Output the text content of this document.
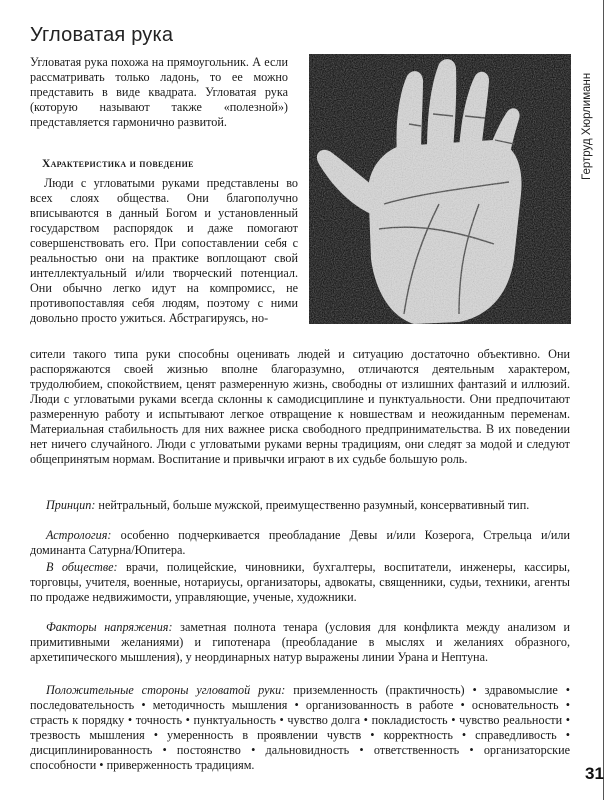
Угловатая рука

Угловатая рука похожа на прямоугольник. А если рассматривать только ладонь, то ее можно представить в виде квадрата. Угловатая рука (которую называют также «полезной») представляется гармонично развитой.

Характеристика и поведение

Люди с угловатыми руками представлены во всех слоях общества. Они благополучно вписываются в данный Богом и установленный государством распорядок и даже помогают совершенствовать его. При сопоставлении себя с реальностью они на практике воплощают свой интеллектуальный и/или творческий потенциал. Они обычно легко идут на компромисс, не противопоставляя себя людям, поэтому с ними довольно просто ужиться. Абстрагируясь, но-

сители такого типа руки способны оценивать людей и ситуацию достаточно объективно. Они распоряжаются своей жизнью вполне благоразумно, отличаются деятельным характером, трудолюбием, спокойствием, ценят размеренную жизнь, свободны от излишних фантазий и иллюзий. Люди с угловатыми руками всегда склонны к самодисциплине и пунктуальности. Они предпочитают размеренную работу и испытывают легкое отвращение к новшествам и неожиданным переменам. Материальная стабильность для них важнее риска свободного предпринимательства. В их поведении нет ничего случайного. Люди с угловатыми руками верны традициям, они следят за модой и следуют общепринятым нормам. Воспитание и привычки играют в их судьбе большую роль.

Принцип: нейтральный, больше мужской, преимущественно разумный, консервативный тип.

Астрология: особенно подчеркивается преобладание Девы и/или Козерога, Стрельца и/или доминанта Сатурна/Юпитера.

В обществе: врачи, полицейские, чиновники, бухгалтеры, воспитатели, инженеры, кассиры, торговцы, учителя, военные, нотариусы, организаторы, адвокаты, священники, судьи, техники, агенты по продаже недвижимости, управляющие, ученые, художники.

Факторы напряжения: заметная полнота тенара (условия для конфликта между анализом и примитивными желаниями) и гипотенара (преобладание в мыслях и желаниях образного, архетипического мышления), у неординарных натур выражены линии Урана и Нептуна.

Положительные стороны угловатой руки: приземленность (практичность) • здравомыслие • последовательность • методичность мышления • организованность в работе • основательность • страсть к порядку • точность • пунктуальность • чувство долга • покладистость • чувство реальности • трезвость мышления • умеренность в проявлении чувств • корректность • справедливость • дисциплинированность • постоянство • дальновидность • ответственность • организаторские способности • приверженность традициям.

Гертруд Хюрлиманн
31
